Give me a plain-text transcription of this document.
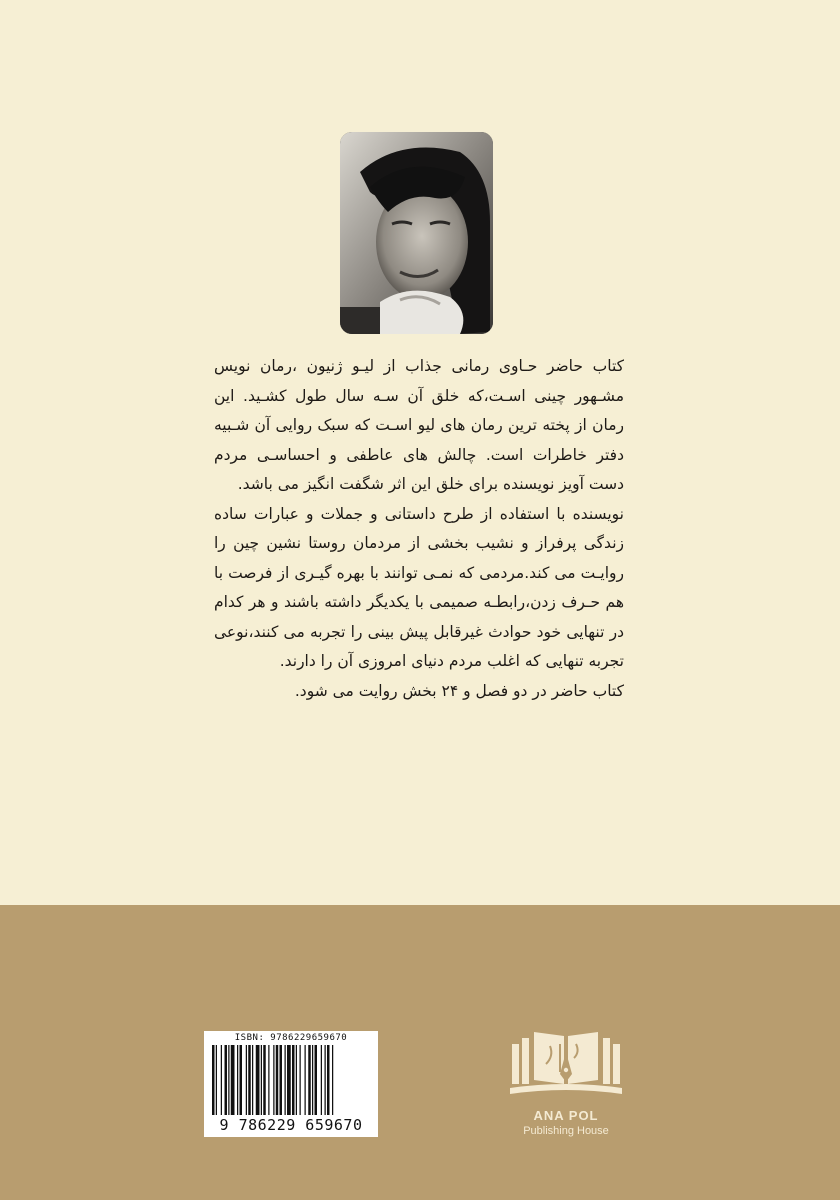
کتاب حاضر حـاوی رمانی جذاب از لیـو ژنیون ،رمان نویس مشـهور چینی اسـت،که خلق آن سـه سال طول کشـید. این رمان از پخته ترین رمان های لیو اسـت که سبک روایی آن شـبیه دفتر خاطرات است. چالش های عاطفی و احساسـی مردم دست آویز نویسنده برای خلق این اثر شگفت انگیز می باشد.

نویسنده با استفاده از طرح داستانی و جملات و عبارات ساده زندگی پرفراز و نشیب بخشی از مردمان روستا نشین چین را روایـت می کند.مردمی که نمـی توانند با بهره گیـری از فرصت با هم حـرف زدن،رابطـه صمیمی با یکدیگر داشته باشند و هر کدام در تنهایی خود حوادث غیرقابل پیش بینی را تجربه می کنند،نوعی تجربه تنهایی که اغلب مردم دنیای امروزی آن را دارند.

کتاب حاضر در دو فصل و ۲۴ بخش روایت می شود.

ISBN: 9786229659670
9 786229 659670
ANA POL
Publishing House
